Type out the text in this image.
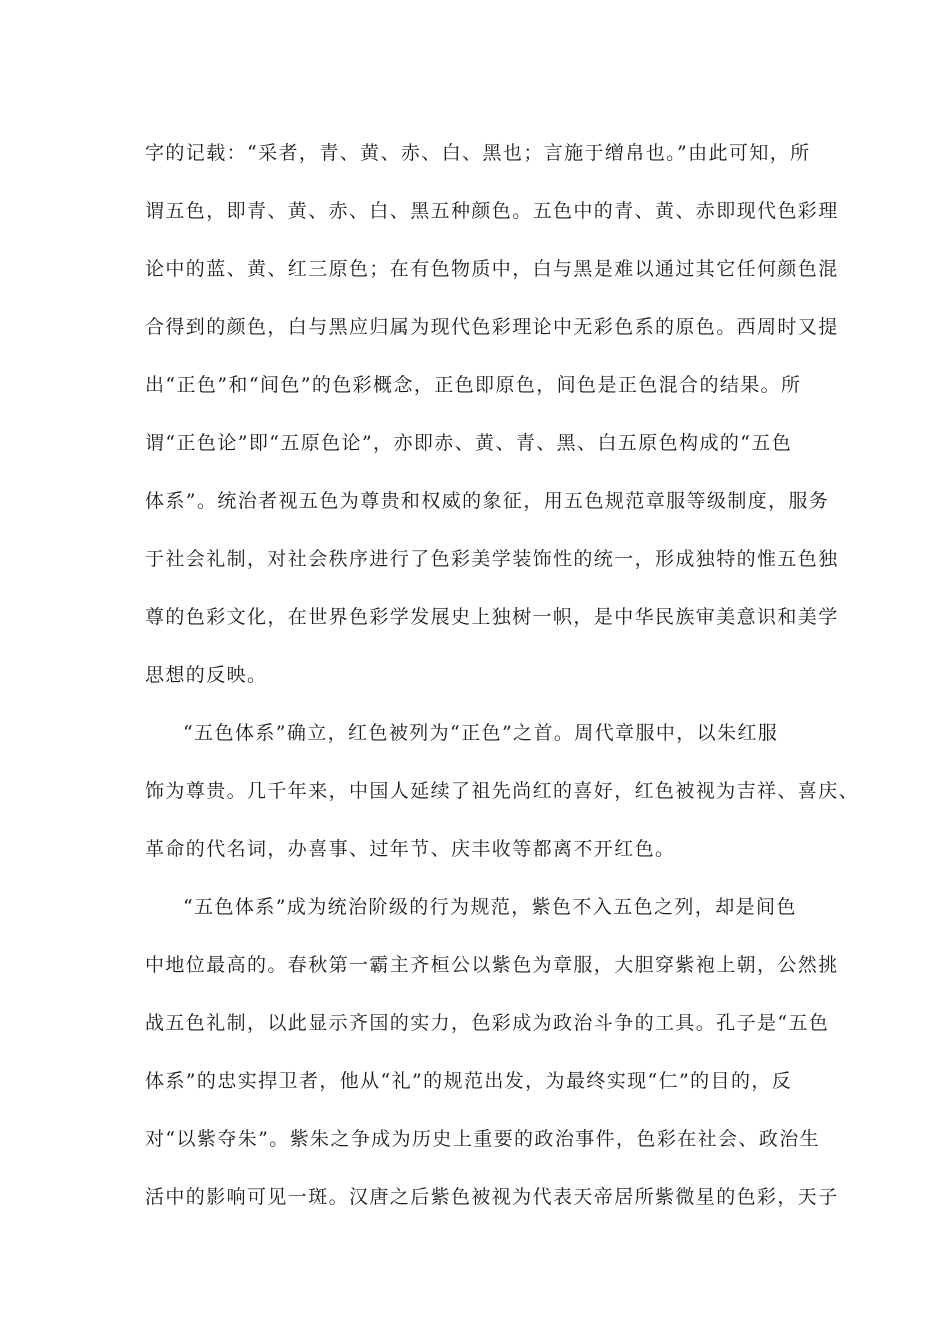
字的记载：“采者，青、黄、赤、白、黑也；言施于缯帛也。”由此可知，所
谓五色，即青、黄、赤、白、黑五种颜色。五色中的青、黄、赤即现代色彩理
论中的蓝、黄、红三原色；在有色物质中，白与黑是难以通过其它任何颜色混
合得到的颜色，白与黑应归属为现代色彩理论中无彩色系的原色。西周时又提
出“正色”和“间色”的色彩概念，正色即原色，间色是正色混合的结果。所
谓“正色论”即“五原色论”，亦即赤、黄、青、黑、白五原色构成的“五色
体系”。统治者视五色为尊贵和权威的象征，用五色规范章服等级制度，服务
于社会礼制，对社会秩序进行了色彩美学装饰性的统一，形成独特的惟五色独
尊的色彩文化，在世界色彩学发展史上独树一帜，是中华民族审美意识和美学
思想的反映。
“五色体系”确立，红色被列为“正色”之首。周代章服中，以朱红服
饰为尊贵。几千年来，中国人延续了祖先尚红的喜好，红色被视为吉祥、喜庆、
革命的代名词，办喜事、过年节、庆丰收等都离不开红色。
“五色体系”成为统治阶级的行为规范，紫色不入五色之列，却是间色
中地位最高的。春秋第一霸主齐桓公以紫色为章服，大胆穿紫袍上朝，公然挑
战五色礼制，以此显示齐国的实力，色彩成为政治斗争的工具。孔子是“五色
体系”的忠实捍卫者，他从“礼”的规范出发，为最终实现“仁”的目的，反
对“以紫夺朱”。紫朱之争成为历史上重要的政治事件，色彩在社会、政治生
活中的影响可见一斑。汉唐之后紫色被视为代表天帝居所紫微星的色彩，天子
